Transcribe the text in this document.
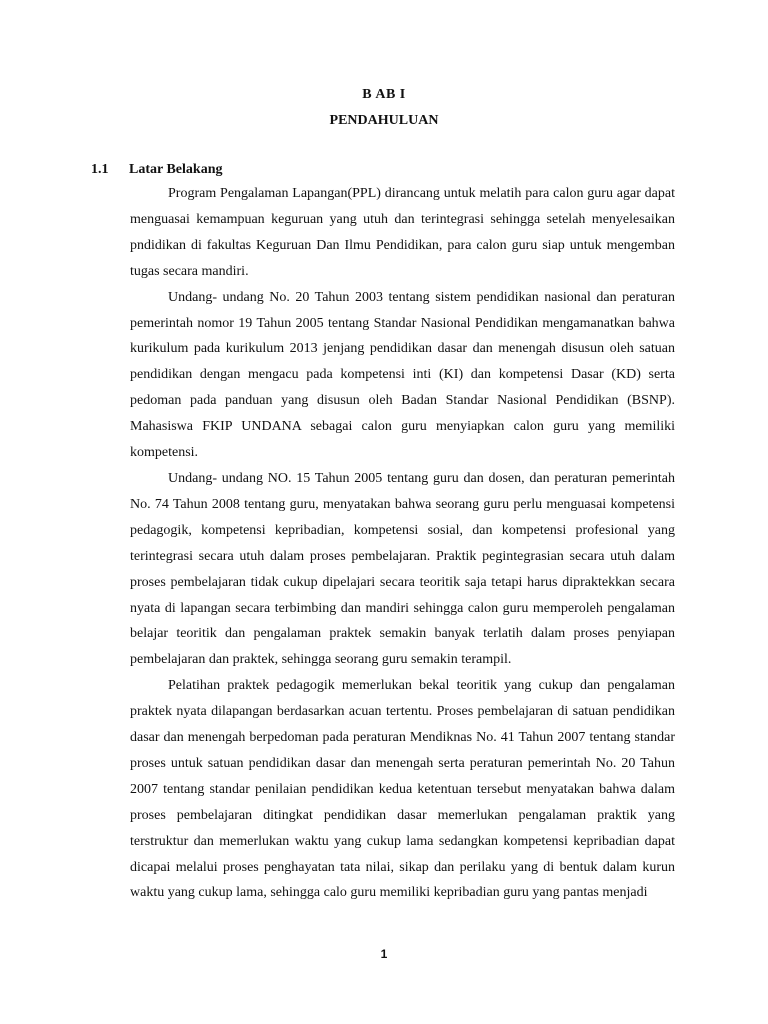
B AB I
PENDAHULUAN
1.1 Latar Belakang

Program Pengalaman Lapangan(PPL) dirancang untuk melatih para calon guru agar dapat menguasai kemampuan keguruan yang utuh dan terintegrasi sehingga setelah menyelesaikan pndidikan di fakultas Keguruan Dan Ilmu Pendidikan, para calon guru siap untuk mengemban tugas secara mandiri.

Undang- undang No. 20 Tahun 2003 tentang sistem pendidikan nasional dan peraturan pemerintah nomor 19 Tahun 2005 tentang Standar Nasional Pendidikan mengamanatkan bahwa kurikulum pada kurikulum 2013 jenjang pendidikan dasar dan menengah disusun oleh satuan pendidikan dengan mengacu pada kompetensi inti (KI) dan kompetensi Dasar (KD) serta pedoman pada panduan yang disusun oleh Badan Standar Nasional Pendidikan (BSNP). Mahasiswa FKIP UNDANA sebagai calon guru menyiapkan calon guru yang memiliki kompetensi.

Undang- undang NO. 15 Tahun 2005 tentang guru dan dosen, dan peraturan pemerintah No. 74 Tahun 2008 tentang guru, menyatakan bahwa seorang guru perlu menguasai kompetensi pedagogik, kompetensi kepribadian, kompetensi sosial, dan kompetensi profesional yang terintegrasi secara utuh dalam proses pembelajaran. Praktik pegintegrasian secara utuh dalam proses pembelajaran tidak cukup dipelajari secara teoritik saja tetapi harus dipraktekkan secara nyata di lapangan secara terbimbing dan mandiri sehingga calon guru memperoleh pengalaman belajar teoritik dan pengalaman praktek semakin banyak terlatih dalam proses penyiapan pembelajaran dan praktek, sehingga seorang guru semakin terampil.

Pelatihan praktek pedagogik memerlukan bekal teoritik yang cukup dan pengalaman praktek nyata dilapangan berdasarkan acuan tertentu. Proses pembelajaran di satuan pendidikan dasar dan menengah berpedoman pada peraturan Mendiknas No. 41 Tahun 2007 tentang standar proses untuk satuan pendidikan dasar dan menengah serta peraturan pemerintah No. 20 Tahun 2007 tentang standar penilaian pendidikan kedua ketentuan tersebut menyatakan bahwa dalam proses pembelajaran ditingkat pendidikan dasar memerlukan pengalaman praktik yang terstruktur dan memerlukan waktu yang cukup lama sedangkan kompetensi kepribadian dapat dicapai melalui proses penghayatan tata nilai, sikap dan perilaku yang di bentuk dalam kurun waktu yang cukup lama, sehingga calo guru memiliki kepribadian guru yang pantas menjadi

1
